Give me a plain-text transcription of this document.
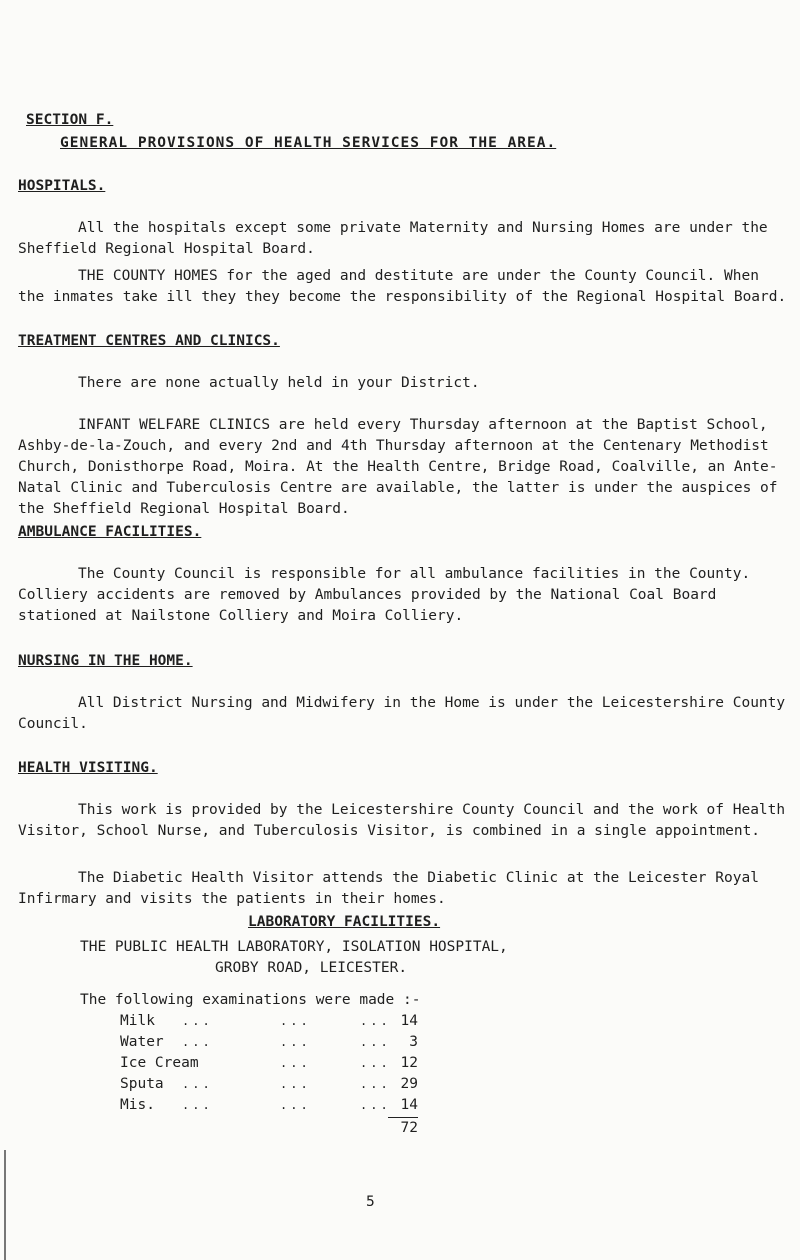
SECTION F.
GENERAL PROVISIONS OF HEALTH SERVICES FOR THE AREA.
HOSPITALS.
All the hospitals except some private Maternity and Nursing Homes are under the Sheffield Regional Hospital Board.
THE COUNTY HOMES for the aged and destitute are under the County Council. When the inmates take ill they they become the responsibility of the Regional Hospital Board.
TREATMENT CENTRES AND CLINICS.
There are none actually held in your District.
INFANT WELFARE CLINICS are held every Thursday afternoon at the Baptist School, Ashby-de-la-Zouch, and every 2nd and 4th Thursday afternoon at the Centenary Methodist Church, Donisthorpe Road, Moira. At the Health Centre, Bridge Road, Coalville, an Ante-Natal Clinic and Tuberculosis Centre are available, the latter is under the auspices of the Sheffield Regional Hospital Board.
AMBULANCE FACILITIES.
The County Council is responsible for all ambulance facilities in the County. Colliery accidents are removed by Ambulances provided by the National Coal Board stationed at Nailstone Colliery and Moira Colliery.
NURSING IN THE HOME.
All District Nursing and Midwifery in the Home is under the Leicestershire County Council.
HEALTH VISITING.
This work is provided by the Leicestershire County Council and the work of Health Visitor, School Nurse, and Tuberculosis Visitor, is combined in a single appointment.
The Diabetic Health Visitor attends the Diabetic Clinic at the Leicester Royal Infirmary and visits the patients in their homes.
LABORATORY FACILITIES.
THE PUBLIC HEALTH LABORATORY, ISOLATION HOSPITAL,
GROBY ROAD, LEICESTER.
The following examinations were made :-
Milk ...	...	... 14
Water ...	...	...	3
Ice Cream	...	... 12
Sputa ...	...	... 29
Mis. ...	...	... 14
72
5
